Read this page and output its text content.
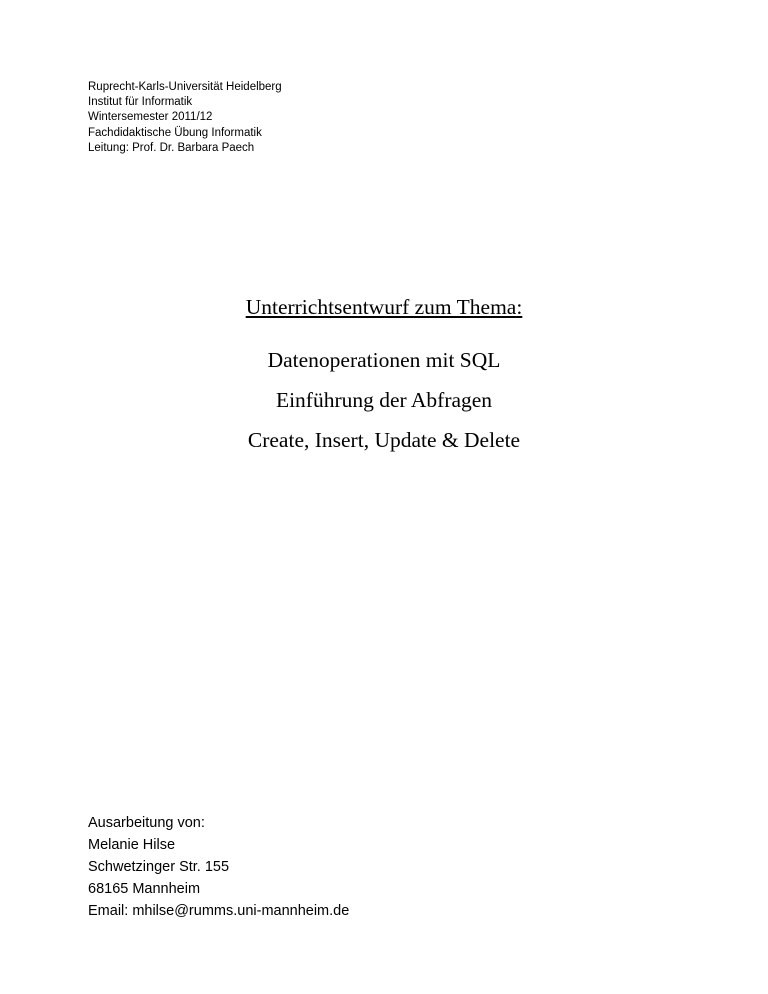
Ruprecht-Karls-Universität Heidelberg
Institut für Informatik
Wintersemester 2011/12
Fachdidaktische Übung Informatik
Leitung: Prof. Dr. Barbara Paech
Unterrichtsentwurf zum Thema:
Datenoperationen mit SQL
Einführung der Abfragen
Create, Insert, Update & Delete
Ausarbeitung von:
Melanie Hilse
Schwetzinger Str. 155
68165 Mannheim
Email: mhilse@rumms.uni-mannheim.de
